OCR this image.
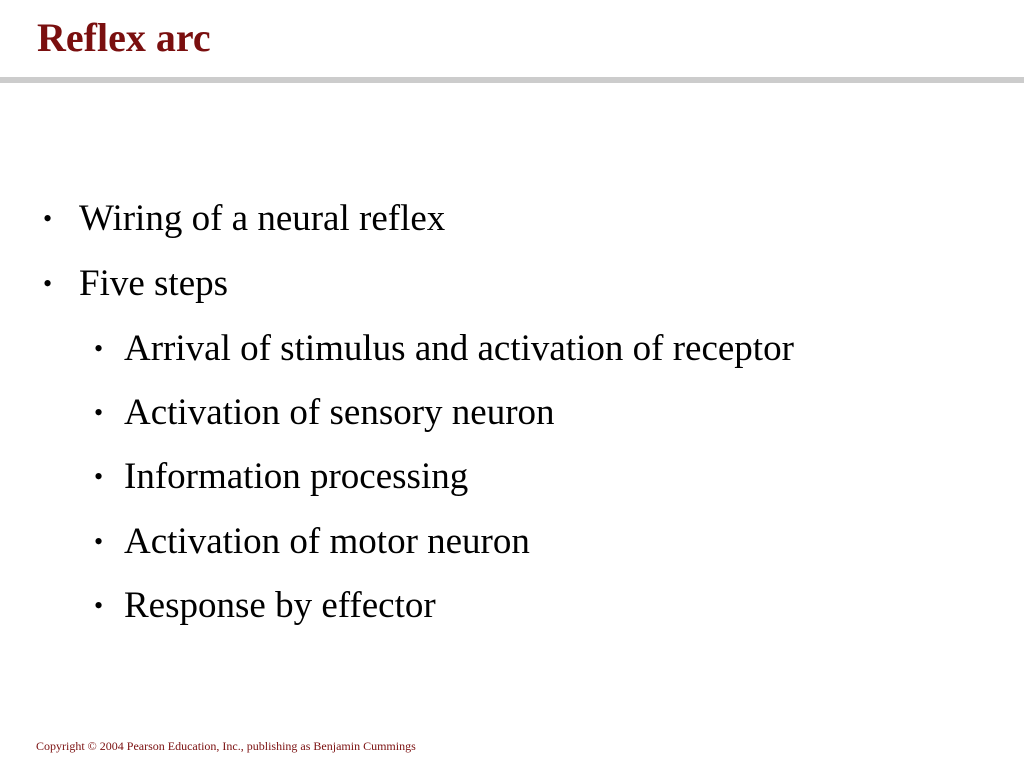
Reflex arc
• Wiring of a neural reflex
• Five steps
• Arrival of stimulus and activation of receptor
• Activation of sensory neuron
• Information processing
• Activation of motor neuron
• Response by effector
Copyright © 2004 Pearson Education, Inc., publishing as Benjamin Cummings
